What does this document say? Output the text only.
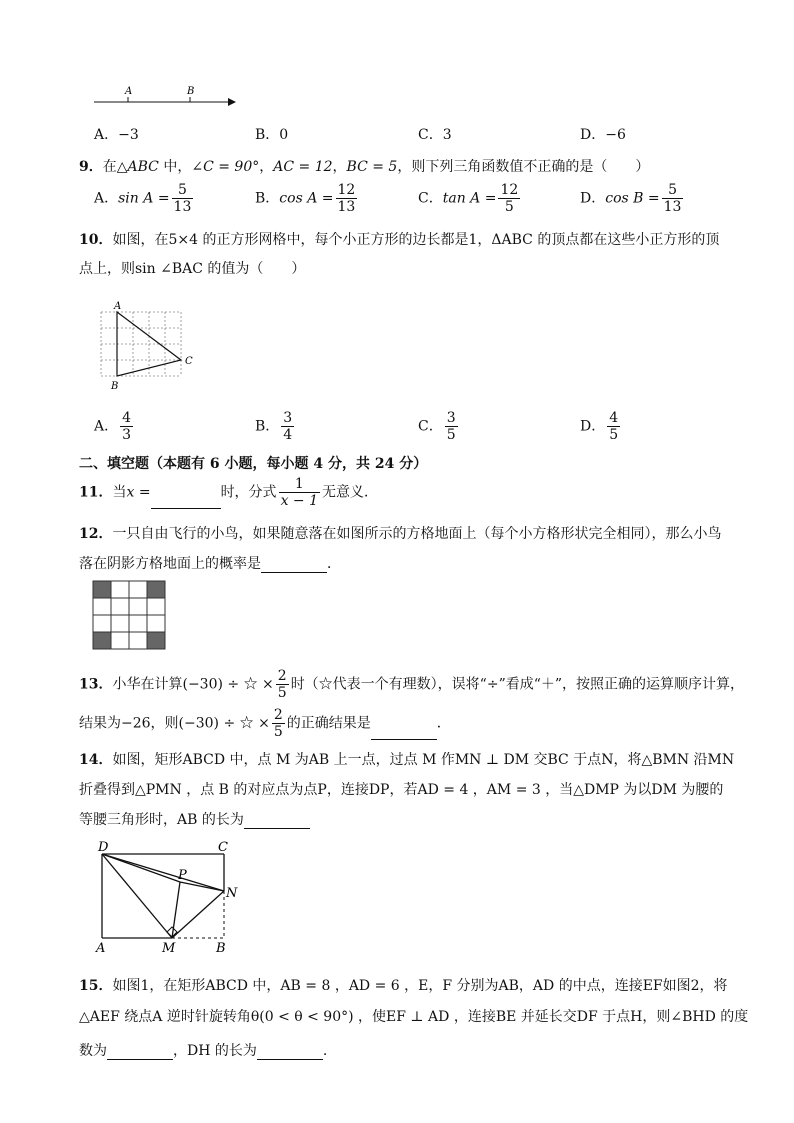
A	B
A．−3	B．0	C．3	D．−6
9．在△ABC 中，∠C = 90°，AC = 12，BC = 5，则下列三角函数值不正确的是（　　）
A．$\sin A = \frac{5}{13}$	B．$\cos A = \frac{12}{13}$	C．$\tan A = \frac{12}{5}$	D．$\cos B = \frac{5}{13}$
10．如图，在5×4 的正方形网格中，每个小正方形的边长都是1，ΔABC 的顶点都在这些小正方形的顶
点上，则sin ∠BAC 的值为（　　）
A
B
C
A． $\frac{4}{3}$	B． $\frac{3}{4}$	C． $\frac{3}{5}$	D． $\frac{4}{5}$
二、填空题（本题有 6 小题，每小题 4 分，共 24 分）
11．当x =	时，分式 $\frac{1}{x - 1}$ 无意义．
12．一只自由飞行的小鸟，如果随意落在如图所示的方格地面上（每个小方格形状完全相同），那么小鸟
落在阴影方格地面上的概率是	．
13．小华在计算(−30) ÷ ☆ × $\frac{2}{5}$ 时（☆代表一个有理数），误将“÷”看成“＋”，按照正确的运算顺序计算，
结果为−26，则(−30) ÷ ☆ × $\frac{2}{5}$ 的正确结果是	．
14．如图，矩形ABCD 中，点 M 为AB 上一点，过点 M 作MN ⊥ DM 交BC 于点N，将△BMN 沿MN
折叠得到△PMN ，点 B 的对应点为点P，连接DP，若AD = 4 ，AM = 3 ，当△DMP 为以DM 为腰的
等腰三角形时，AB 的长为
D	C
P
N
A	M	B
15．如图1，在矩形ABCD 中，AB = 8 ，AD = 6 ，E，F 分别为AB，AD 的中点，连接EF如图2，将
△AEF 绕点A 逆时针旋转角θ(0 < θ < 90°) ，使EF ⊥ AD ，连接BE 并延长交DF 于点H，则∠BHD 的度
数为	，DH 的长为	.
